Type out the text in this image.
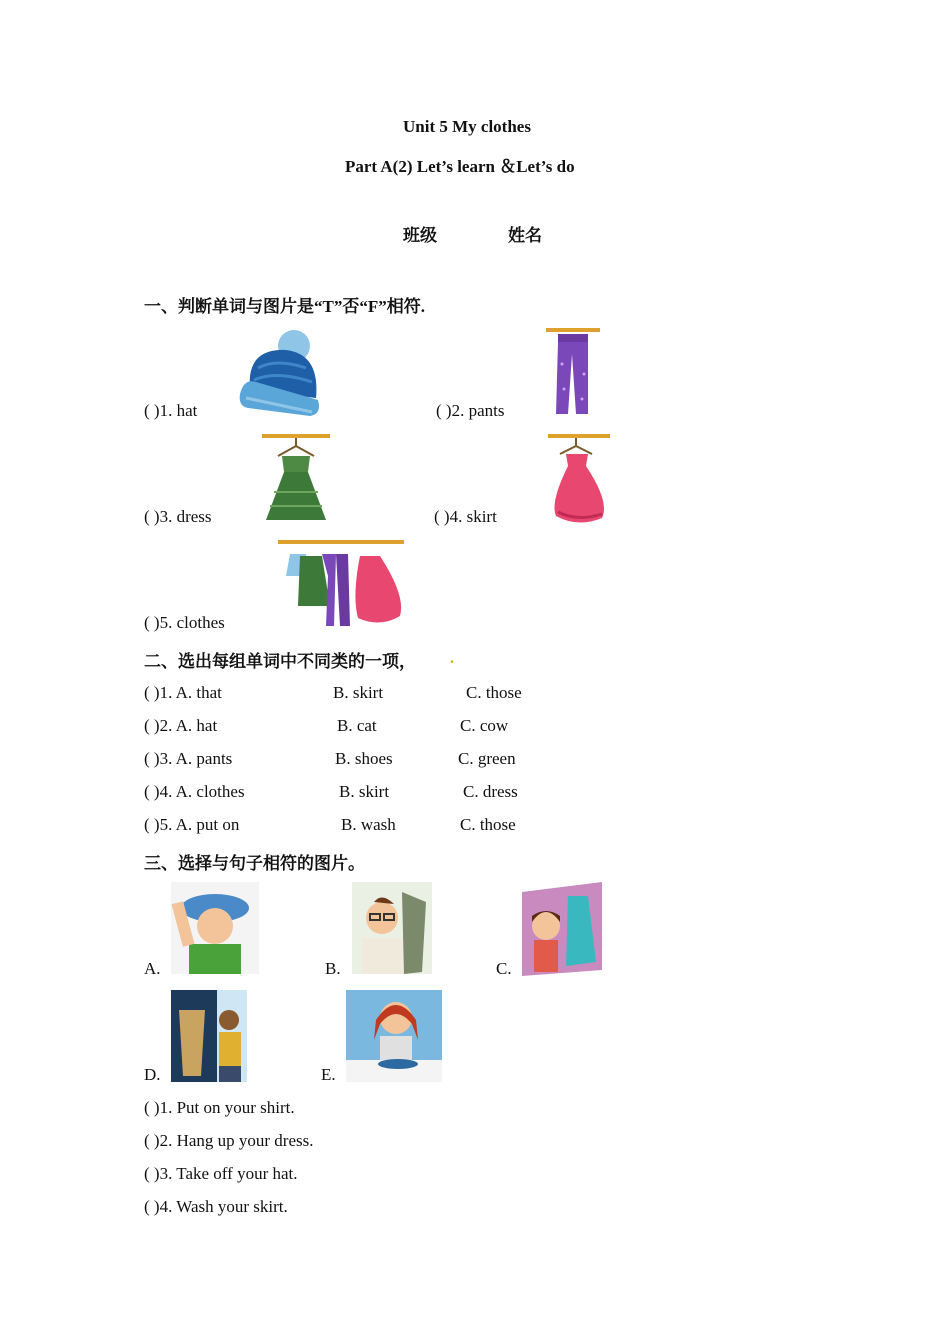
Unit 5 My clothes
Part A(2) Let’s learn ＆Let’s do
班级	姓名
一、判断单词与图片是“T”否“F”相符.
( )1. hat	( )2. pants
( )3. dress	( )4. skirt
( )5. clothes
二、选出每组单词中不同类的一项， .
( )1. A. that	B. skirt	C. those
( )2. A. hat	B. cat	C. cow
( )3. A. pants	B. shoes	C. green
( )4. A. clothes	B. skirt	C. dress
( )5. A. put on	B. wash	C. those
三、选择与句子相符的图片。
A.	B.	C.
D.	E.
( )1. Put on your shirt.
( )2. Hang up your dress.
( )3. Take off your hat.
( )4. Wash your skirt.
